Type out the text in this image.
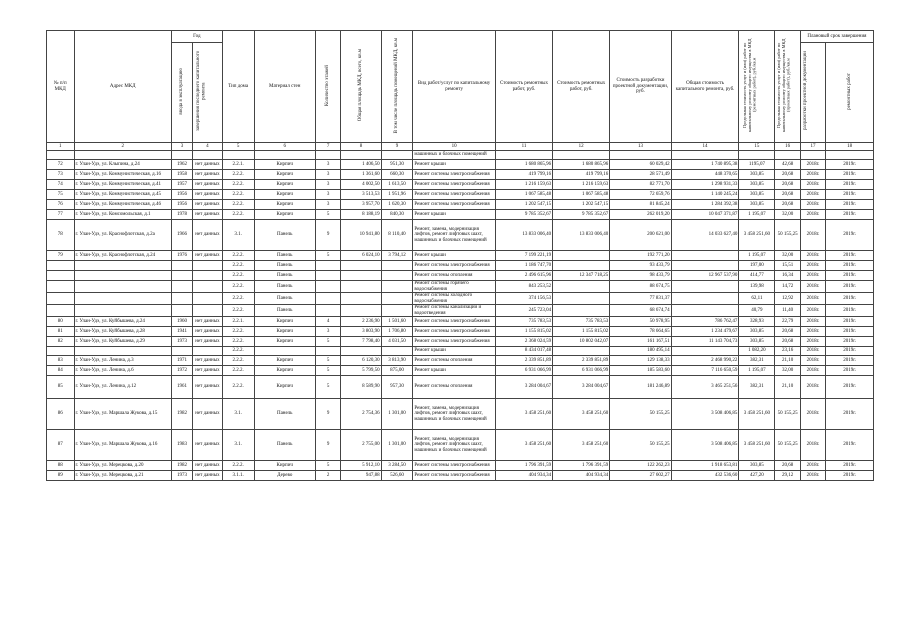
№ п/п МКД	Адрес МКД	Год		Тип дома	Материал стен	Количество этажей	Общая площадь МКД, всего, кв.м	В том числе площадь помещений МКД, кв.м	Вид работ/услуг по капитальному ремонту	Стоимость ремонтных работ, руб.	Стоимость ремонтных работ, руб.	Стоимость разработки проектной документации, руб.	Общая стоимость капитального ремонта, руб.	Предельная стоимость услуг и (или) работ по капитальному ремонту общего имущества в МКД (ремонтных работ), руб./кв.м	Предельная стоимость услуг и (или) работ по капитальному ремонту общего имущества в МКД (проектных работ), руб./кв.м	Плановый срок завершения	
		ввода в эксплуатацию	завершения последнего капитального ремонта													разработки проектной документации	ремонтных работ
1	2	3	4	5	6	7	8	9	10	11	12	13	14	15	16	17	18
									машинных и блочных помещений								
72	г. Улан-Удэ, ул. Клыпина, д.24	1962	нет данных	2.2.1.	Кирпич	3	1 406,50	951,30	Ремонт крыши	1 680 865,96	1 680 865,96	60 029,42	1 740 895,38	1195,07	42,68	2018г.	2019г.
73	г. Улан-Удэ, ул. Коммунистическая, д.16	1958	нет данных	2.2.2.	Кирпич	3	1 361,60	660,30	Ремонт системы электроснабжения	419 799,16	419 799,16	28 571,49	448 370,65	303,85	20,68	2018г.	2019г.
74	г. Улан-Удэ, ул. Коммунистическая, д.41	1957	нет данных	2.2.2.	Кирпич	3	4 002,50	1 613,50	Ремонт системы электроснабжения	1 216 159,63	1 216 159,63	82 771,70	1 298 931,33	303,85	20,68	2018г.	2019г.
75	г. Улан-Удэ, ул. Коммунистическая, д.45	1956	нет данных	2.2.2.	Кирпич	3	3 513,53	1 951,96	Ремонт системы электроснабжения	1 067 585,48	1 067 585,48	72 659,76	1 140 245,24	303,85	20,68	2018г.	2019г.
76	г. Улан-Удэ, ул. Коммунистическая, д.46	1956	нет данных	2.2.2.	Кирпич	3	3 957,70	1 620,30	Ремонт системы электроснабжения	1 202 547,15	1 202 547,15	81 845,24	1 284 392,38	303,85	20,68	2018г.	2019г.
77	г. Улан-Удэ, ул. Комсомольская, д.1	1978	нет данных	2.2.2.	Кирпич	5	8 188,19	840,30	Ремонт крыши	9 785 352,67	9 785 352,67	262 019,20	10 047 371,87	1 195,07	32,00	2018г.	2019г.
78	г. Улан-Удэ, ул. Краснофлотская, д.2а	1966	нет данных	3.1.	Панель	9	10 941,80	8 110,40	Ремонт, замена, модернизация лифтов, ремонт лифтовых шахт, машинных и блочных помещений	13 833 006,40	13 833 006,40	200 621,00	14 033 627,40	3 458 251,60	50 155,25	2018г.	2019г.
79	г. Улан-Удэ, ул. Краснофлотская, д.24	1976	нет данных	2.2.2.	Панель	5	6 024,10	3 794,12	Ремонт крыши	7 199 221,19		192 771,20		1 195,07	32,00	2018г.	2019г.
				2.2.2.	Панель				Ремонт системы электроснабжения	1 186 747,70		93 433,79		197,00	15,51	2018г.	2019г.
				2.2.2.	Панель				Ремонт системы отопления	2 496 615,96	12 347 718,25	98 433,79	12 967 537,90	414,77	16,34	2018г.	2019г.
				2.2.2.	Панель				Ремонт системы горячего водоснабжения	843 253,52		88 674,75		139,98	14,72	2018г.	2019г.
				2.2.2.	Панель				Ремонт системы холодного водоснабжения	374 156,53		77 831,37		62,11	12,92	2018г.	2019г.
				2.2.2.	Панель				Ремонт системы канализации и водоотведения	245 723,04		68 674,74		40,79	11,40	2018г.	2019г.
80	г. Улан-Удэ, ул. Куйбышева, д.24	1960	нет данных	2.2.1.	Кирпич	4	2 236,90	1 501,60	Ремонт системы электроснабжения	735 783,53	735 783,53	50 978,95	786 762,47	328,93	22,79	2018г.	2019г.
81	г. Улан-Удэ, ул. Куйбышева, д.28	1941	нет данных	2.2.2.	Кирпич	3	3 803,90	1 706,80	Ремонт системы электроснабжения	1 155 815,02	1 155 815,02	78 664,65	1 234 479,67	303,85	20,68	2018г.	2019г.
82	г. Улан-Удэ, ул. Куйбышева, д.29	1973	нет данных	2.2.2.	Кирпич	5	7 798,40	4 031,50	Ремонт системы электроснабжения	2 368 024,59	10 802 042,07	161 167,51	11 143 704,73	303,85	20,68	2018г.	2019г.
				2.2.2.					Ремонт крыши	8 434 017,48		180 495,14		1 082,20	23,16	2018г.	2019г.
83	г. Улан-Удэ, ул. Ленина, д.3	1971	нет данных	2.2.2.	Кирпич	5	6 120,30	3 813,90	Ремонт системы отопления	2 339 851,89	2 339 851,89	129 138,33	2 468 990,22	382,31	21,10	2018г.	2019г.
84	г. Улан-Удэ, ул. Ленина, д.6	1972	нет данных	2.2.2.	Кирпич	5	5 799,50	875,00	Ремонт крыши	6 931 066,99	6 931 066,99	185 583,60	7 116 650,59	1 195,07	32,00	2018г.	2019г.
85	г. Улан-Удэ, ул. Ленина, д.12	1961	нет данных	2.2.2.	Кирпич	5	8 589,90	957,30	Ремонт системы отопления	3 284 004,67	3 284 004,67	181 246,89	3 465 251,56	382,31	21,10	2018г.	2019г.
86	г. Улан-Удэ, ул. Маршала Жукова, д.15	1982	нет данных	3.1.	Панель	9	2 754,36	1 301,00	Ремонт, замена, модернизация лифтов, ремонт лифтовых шахт, машинных и блочных помещений	3 458 251,60	3 458 251,60	50 155,25	3 508 406,85	3 458 251,60	50 155,25	2018г.	2019г.
87	г. Улан-Удэ, ул. Маршала Жукова, д.16	1983	нет данных	3.1.	Панель	9	2 755,00	1 301,00	Ремонт, замена, модернизация лифтов, ремонт лифтовых шахт, машинных и блочных помещений	3 458 251,60	3 458 251,60	50 155,25	3 508 406,85	3 458 251,60	50 155,25	2018г.	2019г.
88	г. Улан-Удэ, ул. Мерецкова, д.20	1982	нет данных	2.2.2.	Кирпич	5	5 912,10	3 284,50	Ремонт системы электроснабжения	1 796 391,59	1 796 391,59	122 262,23	1 918 653,81	303,85	20,68	2018г.	2019г.
89	г. Улан-Удэ, ул. Мерецкова, д.21	1973	нет данных	3.1.1.	Дерево	2	947,88	526,60	Ремонт системы электроснабжения	404 934,34	404 934,34	27 602,27	432 536,60	427,20	29,12	2018г.	2019г.
